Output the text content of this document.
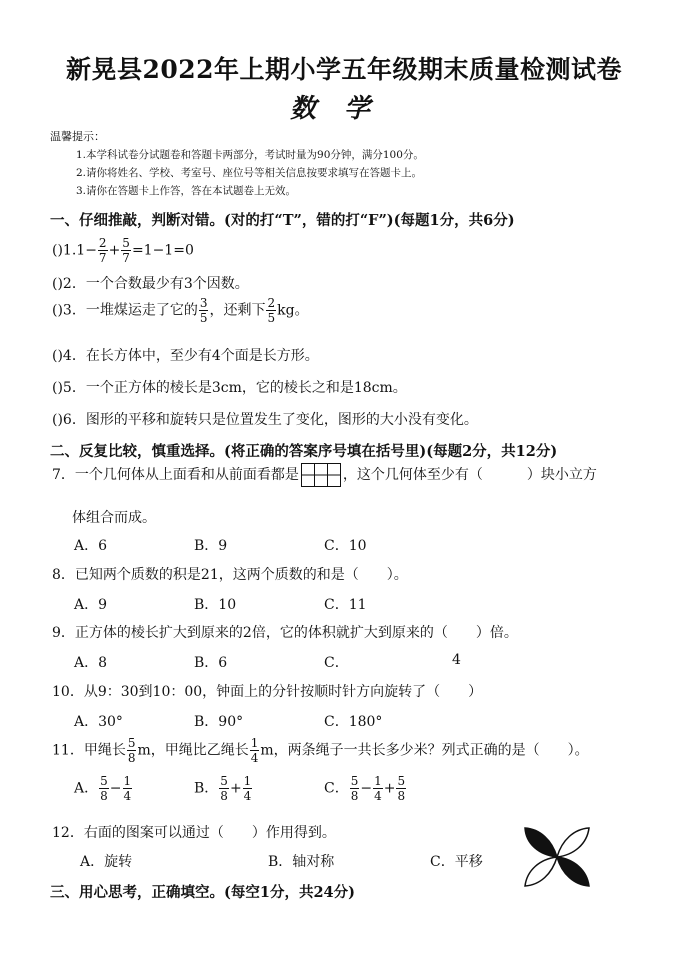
新晃县2022年上期小学五年级期末质量检测试卷
数学
温馨提示：
1.本学科试卷分试题卷和答题卡两部分，考试时量为90分钟，满分100分。
2.请你将姓名、学校、考室号、座位号等相关信息按要求填写在答题卡上。
3.请你在答题卡上作答，答在本试题卷上无效。
一、仔细推敲，判断对错。(对的打“T”，错的打“F”)(每题1分，共6分)
$()1.1- \frac{2}{7} + \frac{5}{7} =1-1=0$
()2．一个合数最少有3个因数。
()3．一堆煤运走了它的 $\frac{3}{5}$ ，还剩下 $\frac{2}{5}$ kg。
()4．在长方体中，至少有4个面是长方形。
()5．一个正方体的棱长是3cm，它的棱长之和是18cm。
()6．图形的平移和旋转只是位置发生了变化，图形的大小没有变化。
二、反复比较，慎重选择。(将正确的答案序号填在括号里)(每题2分，共12分)
7．一个几何体从上面看和从前面看都是	，这个几何体至少有（	）块小立方
体组合而成。
A．6	B．9	C．10
8．已知两个质数的积是21，这两个质数的和是（　　）。
A．9	B．10	C．11
9．正方体的棱长扩大到原来的2倍，它的体积就扩大到原来的（　　）倍。
A．8	B．6	C．	4
10．从9：30到10：00，钟面上的分针按顺时针方向旋转了（　　）
A．30°	B．90°	C．180°
11．甲绳长 $\frac{5}{8}$ m，甲绳比乙绳长 $\frac{1}{4}$ m，两条绳子一共长多少米？列式正确的是（　　）。
A． $\frac{5}{8} - \frac{1}{4}$	B． $\frac{5}{8} + \frac{1}{4}$	C． $\frac{5}{8} - \frac{1}{4} + \frac{5}{8}$
12．右面的图案可以通过（　　）作用得到。
A．旋转	B．轴对称	C．平移
三、用心思考，正确填空。(每空1分，共24分)
